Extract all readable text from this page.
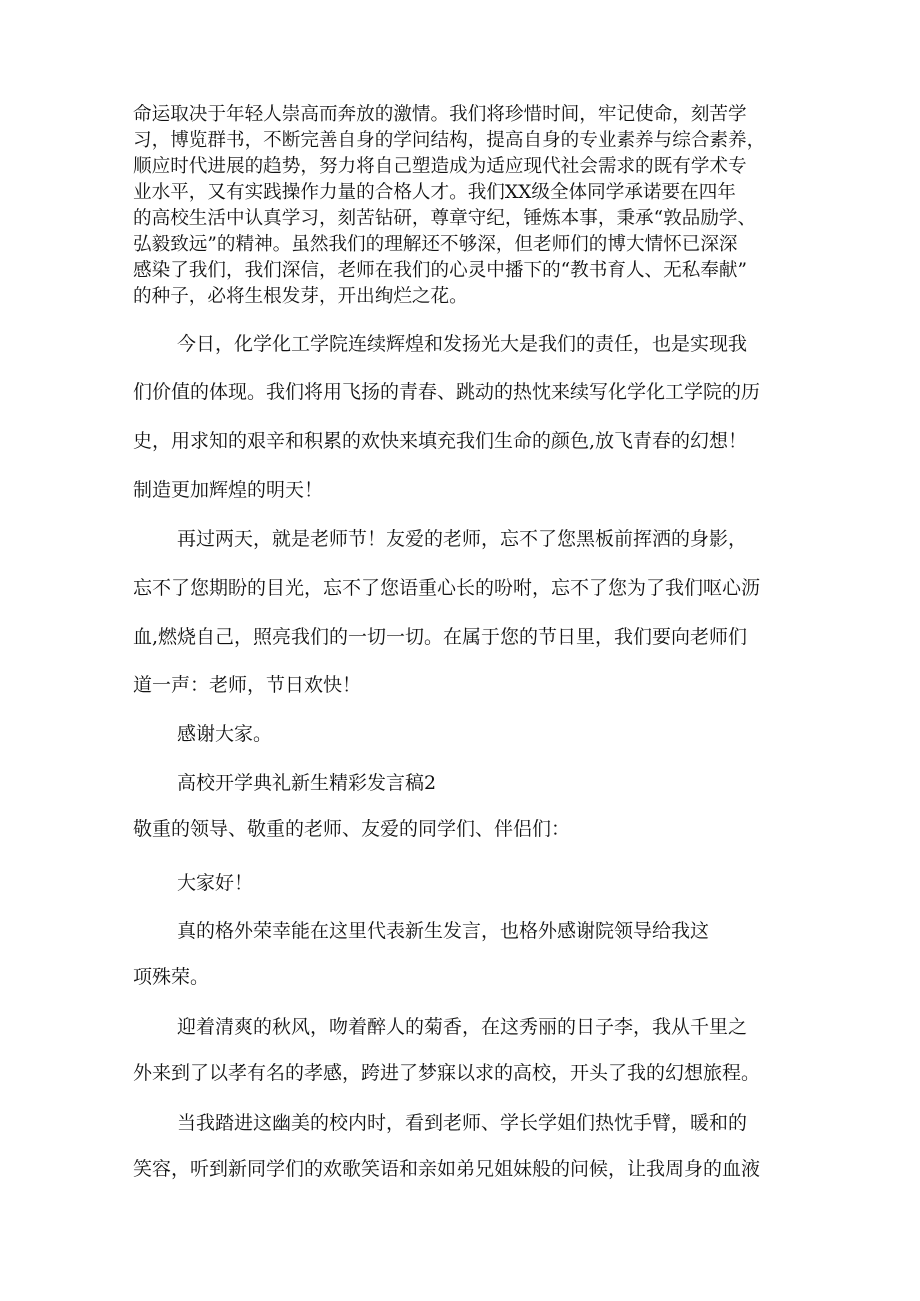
命运取决于年轻人崇高而奔放的激情。我们将珍惜时间，牢记使命，刻苦学

习，博览群书，不断完善自身的学问结构，提高自身的专业素养与综合素养，

顺应时代进展的趋势，努力将自己塑造成为适应现代社会需求的既有学术专

业水平，又有实践操作力量的合格人才。我们XX级全体同学承诺要在四年

的高校生活中认真学习，刻苦钻研，尊章守纪，锤炼本事，秉承“敦品励学、

弘毅致远”的精神。虽然我们的理解还不够深，但老师们的博大情怀已深深

感染了我们，我们深信，老师在我们的心灵中播下的“教书育人、无私奉献”

的种子，必将生根发芽，开出绚烂之花。

今日，化学化工学院连续辉煌和发扬光大是我们的责任，也是实现我

们价值的体现。我们将用飞扬的青春、跳动的热忱来续写化学化工学院的历

史，用求知的艰辛和积累的欢快来填充我们生命的颜色,放飞青春的幻想！

制造更加辉煌的明天！

再过两天，就是老师节！友爱的老师，忘不了您黑板前挥洒的身影，

忘不了您期盼的目光，忘不了您语重心长的吩咐，忘不了您为了我们呕心沥

血,燃烧自己，照亮我们的一切一切。在属于您的节日里，我们要向老师们

道一声：老师，节日欢快！

感谢大家。

高校开学典礼新生精彩发言稿2

敬重的领导、敬重的老师、友爱的同学们、伴侣们：

大家好！

真的格外荣幸能在这里代表新生发言，也格外感谢院领导给我这

项殊荣。

迎着清爽的秋风，吻着醉人的菊香，在这秀丽的日子李，我从千里之

外来到了以孝有名的孝感，跨进了梦寐以求的高校，开头了我的幻想旅程。

当我踏进这幽美的校内时，看到老师、学长学姐们热忱手臂，暖和的

笑容，听到新同学们的欢歌笑语和亲如弟兄姐妹般的问候，让我周身的血液
